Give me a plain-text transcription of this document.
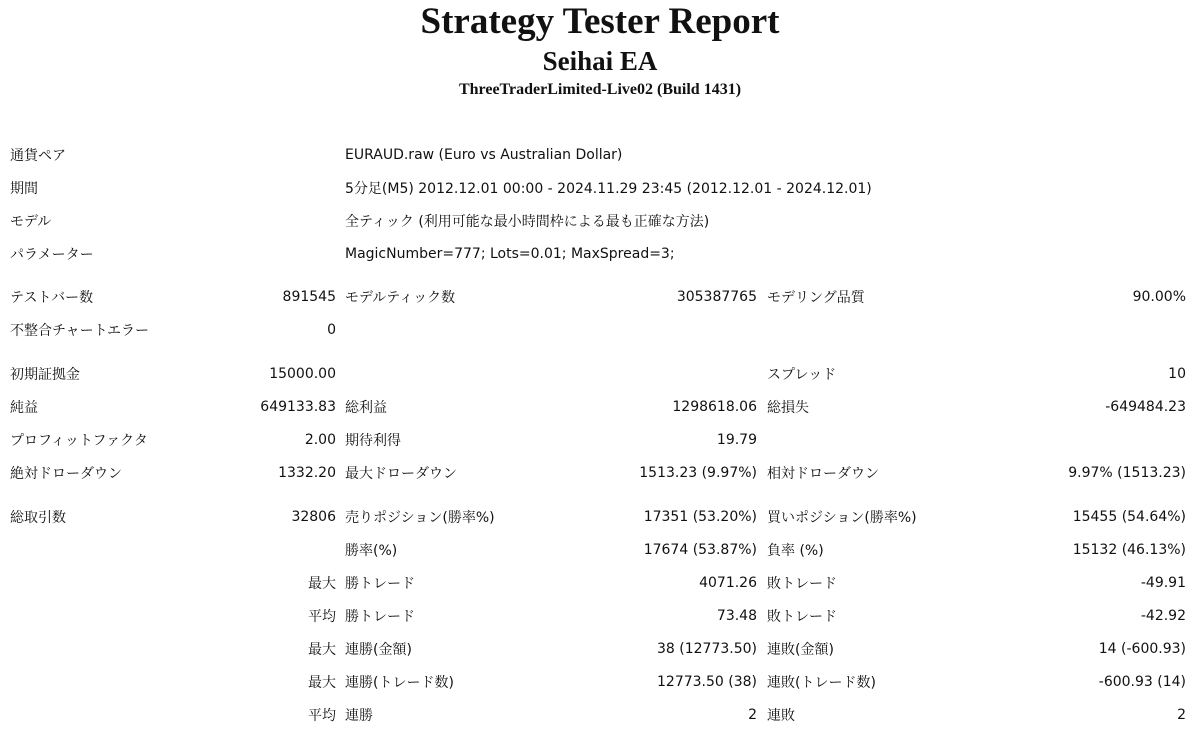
Strategy Tester Report
Seihai EA
ThreeTraderLimited-Live02 (Build 1431)
通貨ペア		EURAUD.raw (Euro vs Australian Dollar)
期間		5分足(M5) 2012.12.01 00:00 - 2024.11.29 23:45 (2012.12.01 - 2024.12.01)
モデル		全ティック (利用可能な最小時間枠による最も正確な方法)
パラメーター		MagicNumber=777; Lots=0.01; MaxSpread=3;
テストバー数	891545	モデルティック数	305387765	モデリング品質	90.00%
不整合チャートエラー	0				

初期証拠金	15000.00			スプレッド	10
純益	649133.83	総利益	1298618.06	総損失	-649484.23
プロフィットファクタ	2.00	期待利得	19.79		
絶対ドローダウン	1332.20	最大ドローダウン	1513.23 (9.97%)	相対ドローダウン	9.97% (1513.23)

総取引数	32806	売りポジション(勝率%)	17351 (53.20%)	買いポジション(勝率%)	15455 (54.64%)
		勝率(%)	17674 (53.87%)	負率 (%)	15132 (46.13%)
最大		勝トレード	4071.26	敗トレード	-49.91
平均		勝トレード	73.48	敗トレード	-42.92
最大		連勝(金額)	38 (12773.50)	連敗(金額)	14 (-600.93)
最大		連勝(トレード数)	12773.50 (38)	連敗(トレード数)	-600.93 (14)
平均		連勝	2	連敗	2
